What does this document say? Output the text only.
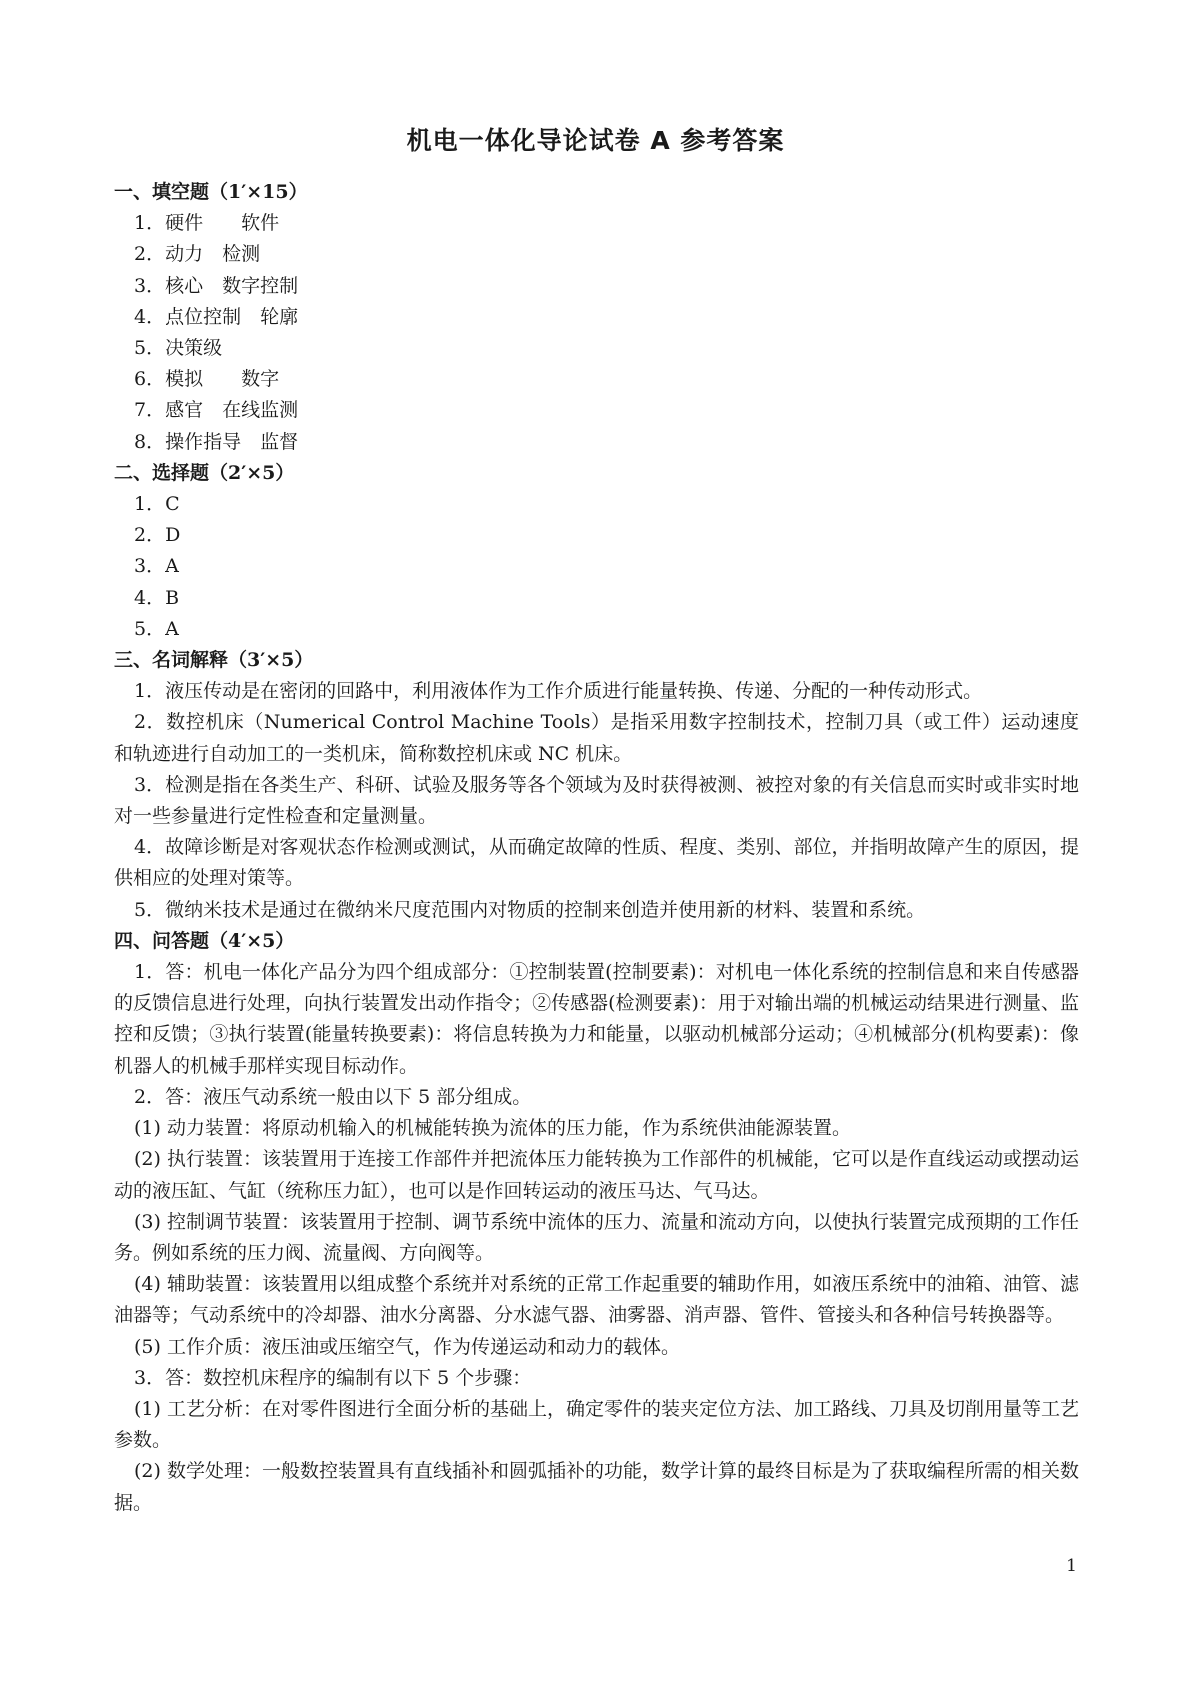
机电一体化导论试卷 A 参考答案

一、填空题（1′×15）

1．硬件　　软件

2．动力　检测

3．核心　数字控制

4．点位控制　轮廓

5．决策级

6．模拟　　数字

7．感官　在线监测

8．操作指导　监督

二、选择题（2′×5）

1．C

2．D

3．A

4．B

5．A

三、名词解释（3′×5）

1．液压传动是在密闭的回路中，利用液体作为工作介质进行能量转换、传递、分配的一种传动形式。

2．数控机床（Numerical Control Machine Tools）是指采用数字控制技术，控制刀具（或工件）运动速度和轨迹进行自动加工的一类机床，简称数控机床或 NC 机床。

3．检测是指在各类生产、科研、试验及服务等各个领域为及时获得被测、被控对象的有关信息而实时或非实时地对一些参量进行定性检查和定量测量。

4．故障诊断是对客观状态作检测或测试，从而确定故障的性质、程度、类别、部位，并指明故障产生的原因，提供相应的处理对策等。

5．微纳米技术是通过在微纳米尺度范围内对物质的控制来创造并使用新的材料、装置和系统。

四、问答题（4′×5）

1．答：机电一体化产品分为四个组成部分：①控制装置(控制要素)：对机电一体化系统的控制信息和来自传感器的反馈信息进行处理，向执行装置发出动作指令；②传感器(检测要素)：用于对输出端的机械运动结果进行测量、监控和反馈；③执行装置(能量转换要素)：将信息转换为力和能量，以驱动机械部分运动；④机械部分(机构要素)：像机器人的机械手那样实现目标动作。

2．答：液压气动系统一般由以下 5 部分组成。

(1) 动力装置：将原动机输入的机械能转换为流体的压力能，作为系统供油能源装置。

(2) 执行装置：该装置用于连接工作部件并把流体压力能转换为工作部件的机械能，它可以是作直线运动或摆动运动的液压缸、气缸（统称压力缸），也可以是作回转运动的液压马达、气马达。

(3) 控制调节装置：该装置用于控制、调节系统中流体的压力、流量和流动方向，以使执行装置完成预期的工作任务。例如系统的压力阀、流量阀、方向阀等。

(4) 辅助装置：该装置用以组成整个系统并对系统的正常工作起重要的辅助作用，如液压系统中的油箱、油管、滤油器等；气动系统中的冷却器、油水分离器、分水滤气器、油雾器、消声器、管件、管接头和各种信号转换器等。

(5) 工作介质：液压油或压缩空气，作为传递运动和动力的载体。

3．答：数控机床程序的编制有以下 5 个步骤：

(1) 工艺分析：在对零件图进行全面分析的基础上，确定零件的装夹定位方法、加工路线、刀具及切削用量等工艺参数。

(2) 数学处理：一般数控装置具有直线插补和圆弧插补的功能，数学计算的最终目标是为了获取编程所需的相关数据。

1
